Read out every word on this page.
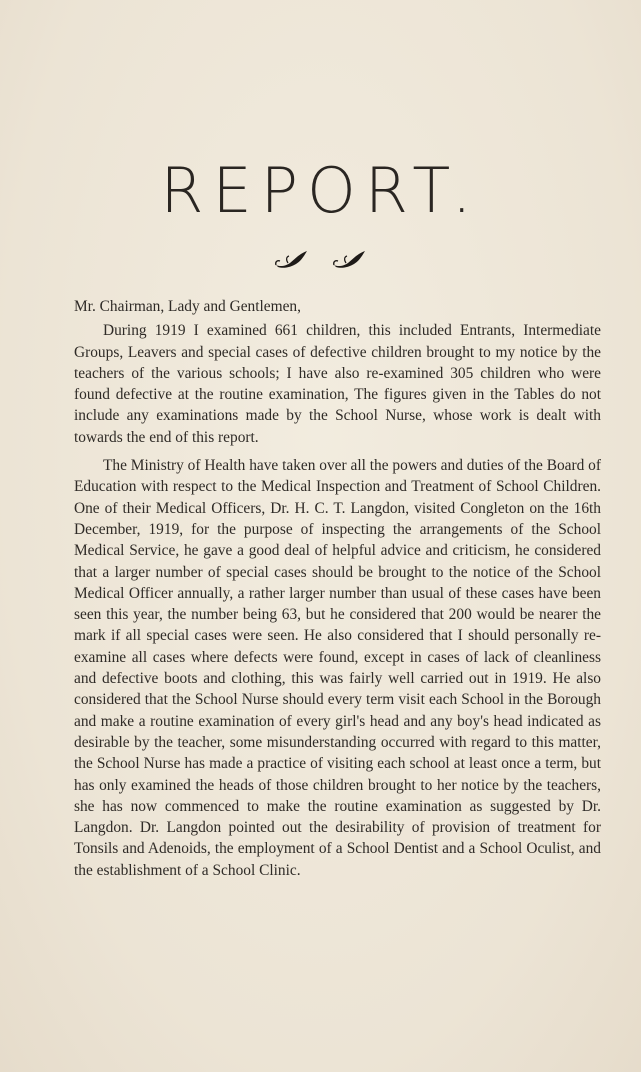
REPORT.

Mr. Chairman, Lady and Gentlemen,

During 1919 I examined 661 children, this included Entrants, Intermediate Groups, Leavers and special cases of defective children brought to my notice by the teachers of the various schools; I have also re-examined 305 children who were found defective at the routine examination, The figures given in the Tables do not include any examinations made by the School Nurse, whose work is dealt with towards the end of this report.

The Ministry of Health have taken over all the powers and duties of the Board of Education with respect to the Medical Inspection and Treatment of School Children. One of their Medical Officers, Dr. H. C. T. Langdon, visited Congleton on the 16th December, 1919, for the purpose of inspecting the arrangements of the School Medical Service, he gave a good deal of helpful advice and criticism, he considered that a larger number of special cases should be brought to the notice of the School Medical Officer annually, a rather larger number than usual of these cases have been seen this year, the number being 63, but he considered that 200 would be nearer the mark if all special cases were seen. He also considered that I should personally re-examine all cases where defects were found, except in cases of lack of cleanliness and defective boots and clothing, this was fairly well carried out in 1919. He also considered that the School Nurse should every term visit each School in the Borough and make a routine examination of every girl's head and any boy's head indicated as desirable by the teacher, some misunderstanding occurred with regard to this matter, the School Nurse has made a practice of visiting each school at least once a term, but has only examined the heads of those children brought to her notice by the teachers, she has now commenced to make the routine examination as suggested by Dr. Langdon. Dr. Langdon pointed out the desirability of provision of treatment for Tonsils and Adenoids, the employment of a School Dentist and a School Oculist, and the establishment of a School Clinic.
